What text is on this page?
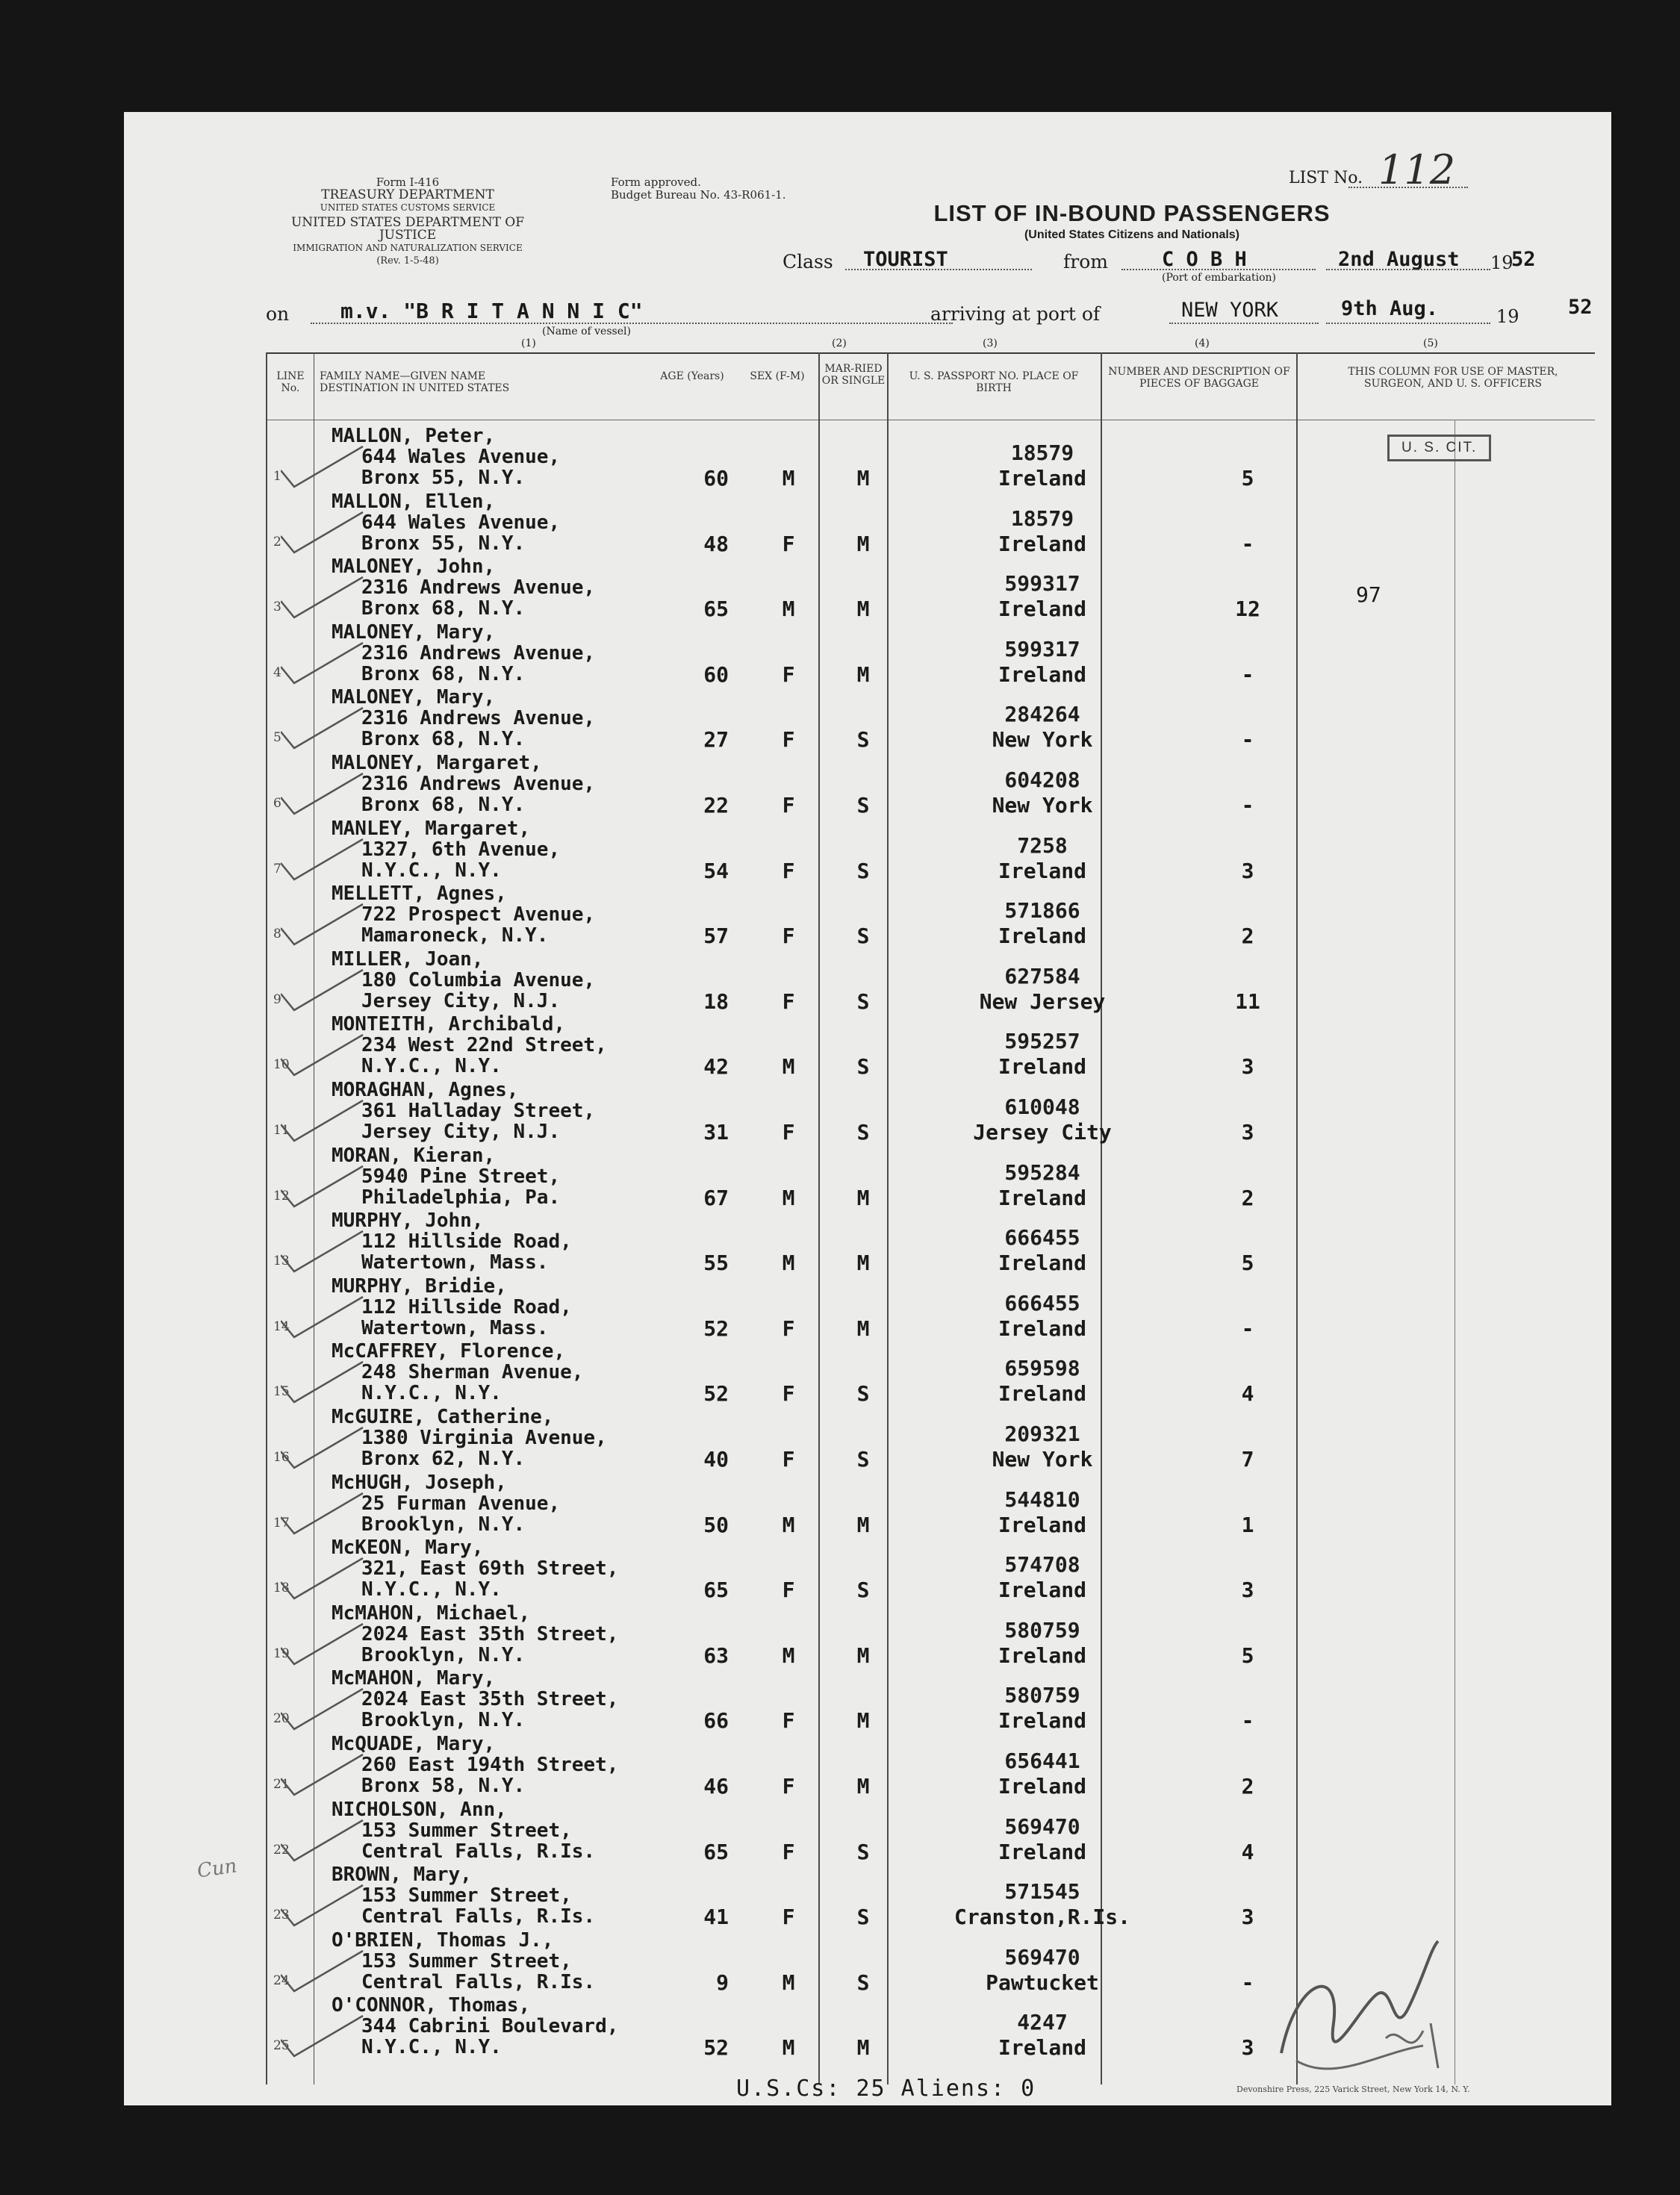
Form I-416
TREASURY DEPARTMENT
UNITED STATES CUSTOMS SERVICE
UNITED STATES DEPARTMENT OF JUSTICE
IMMIGRATION AND NATURALIZATION SERVICE
(Rev. 1-5-48)
Form approved.
Budget Bureau No. 43-R061-1.
LIST No. 112
LIST OF IN-BOUND PASSENGERS
(United States Citizens and Nationals)
Class TOURIST	from	C O B H
(Port of embarkation)
2nd August 19
52
on m.v. "B R I T A N N I C"
(Name of vessel)
arriving at port of	NEW YORK	9th Aug.	19 52
(1)	(2)	(3)	(4)	(5)
LINE No.
FAMILY NAME—GIVEN NAME DESTINATION IN UNITED STATES
AGE (Years)	SEX (F-M)
MAR-RIED OR SINGLE	U. S. PASSPORT NO. PLACE OF BIRTH
NUMBER AND DESCRIPTION OF PIECES OF BAGGAGE
THIS COLUMN FOR USE OF MASTER, SURGEON, AND U. S. OFFICERS
U. S. CIT.
97
1
MALLON, Peter,
644 Wales Avenue,
Bronx 55, N.Y.	60	M	M
18579
Ireland	5
2
MALLON, Ellen,
644 Wales Avenue,
Bronx 55, N.Y.	48	F	M
18579
Ireland	-
3
MALONEY, John,
2316 Andrews Avenue,
Bronx 68, N.Y.	65	M	M
599317
Ireland	12
4
MALONEY, Mary,
2316 Andrews Avenue,
Bronx 68, N.Y.	60	F	M
599317
Ireland	-
5
MALONEY, Mary,
2316 Andrews Avenue,
Bronx 68, N.Y.	27	F	S
284264
New York	-
6
MALONEY, Margaret,
2316 Andrews Avenue,
Bronx 68, N.Y.	22	F	S
604208
New York	-
7
MANLEY, Margaret,
1327, 6th Avenue,
N.Y.C., N.Y.	54	F	S
7258
Ireland	3
8
MELLETT, Agnes,
722 Prospect Avenue,
Mamaroneck, N.Y.	57	F	S
571866
Ireland	2
9
MILLER, Joan,
180 Columbia Avenue,
Jersey City, N.J.	18	F	S
627584
New Jersey	11
10
MONTEITH, Archibald,
234 West 22nd Street,
N.Y.C., N.Y.	42	M	S
595257
Ireland	3
11
MORAGHAN, Agnes,
361 Halladay Street,
Jersey City, N.J.	31	F	S
610048
Jersey City	3
12
MORAN, Kieran,
5940 Pine Street,
Philadelphia, Pa.	67	M	M
595284
Ireland	2
13
MURPHY, John,
112 Hillside Road,
Watertown, Mass.	55	M	M
666455
Ireland	5
14
MURPHY, Bridie,
112 Hillside Road,
Watertown, Mass.	52	F	M
666455
Ireland	-
15
McCAFFREY, Florence,
248 Sherman Avenue,
N.Y.C., N.Y.	52	F	S
659598
Ireland	4
16
McGUIRE, Catherine,
1380 Virginia Avenue,
Bronx 62, N.Y.	40	F	S
209321
New York	7
17
McHUGH, Joseph,
25 Furman Avenue,
Brooklyn, N.Y.	50	M	M
544810
Ireland	1
18
McKEON, Mary,
321, East 69th Street,
N.Y.C., N.Y.	65	F	S
574708
Ireland	3
19
McMAHON, Michael,
2024 East 35th Street,
Brooklyn, N.Y.	63	M	M
580759
Ireland	5
20
McMAHON, Mary,
2024 East 35th Street,
Brooklyn, N.Y.	66	F	M
580759
Ireland	-
21
McQUADE, Mary,
260 East 194th Street,
Bronx 58, N.Y.	46	F	M
656441
Ireland	2
22
NICHOLSON, Ann,
153 Summer Street,
Central Falls, R.Is.	65	F	S
569470
Ireland	4
23
BROWN, Mary,
153 Summer Street,
Central Falls, R.Is.	41	F	S
571545
Cranston,R.Is.	3
24
O'BRIEN, Thomas J.,
153 Summer Street,
Central Falls, R.Is.	9	M	S
569470
Pawtucket	-
25
O'CONNOR, Thomas,
344 Cabrini Boulevard,
N.Y.C., N.Y.	52	M	M
4247
Ireland	3
U.S.Cs: 25 Aliens: 0	Devonshire Press, 225 Varick Street, New York 14, N. Y.
Cun
